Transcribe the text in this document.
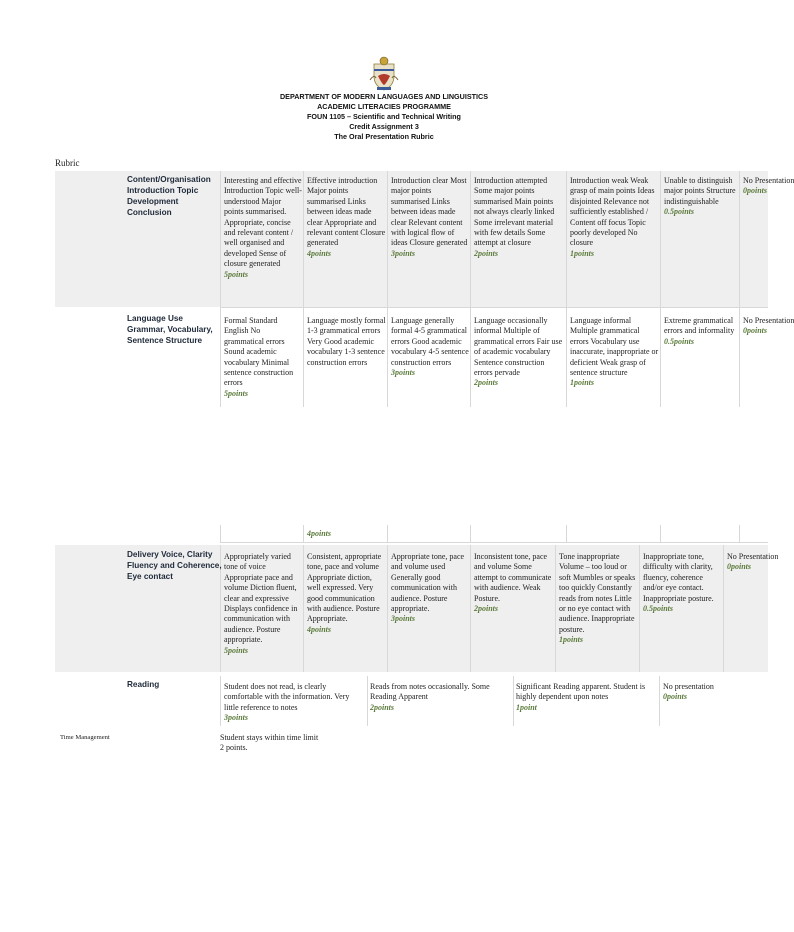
DEPARTMENT OF MODERN LANGUAGES AND LINGUISTICS
ACADEMIC LITERACIES PROGRAMME
FOUN 1105 – Scientific and Technical Writing
Credit Assignment 3
The Oral Presentation Rubric
Rubric
Content/Organisation Introduction Topic Development Conclusion
Interesting and effective Introduction Topic well-understood Major points summarised. Appropriate, concise and relevant content / well organised and developed Sense of closure generated
5points
Effective introduction Major points summarised Links between ideas made clear Appropriate and relevant content Closure generated
4points
Introduction clear Most major points summarised Links between ideas made clear Relevant content with logical flow of ideas Closure generated
3points
Introduction attempted Some major points summarised Main points not always clearly linked Some irrelevant material with few details Some attempt at closure
2points
Introduction weak Weak grasp of main points Ideas disjointed Relevance not sufficiently established / Content off focus Topic poorly developed No closure
1points
Unable to distinguish major points Structure indistinguishable
0.5points
No Presentation
0points
Language Use Grammar, Vocabulary, Sentence Structure
Formal Standard English No grammatical errors Sound academic vocabulary Minimal sentence construction errors
5points
Language mostly formal 1-3 grammatical errors Very Good academic vocabulary 1-3 sentence construction errors
Language generally formal 4-5 grammatical errors Good academic vocabulary 4-5 sentence construction errors
3points
Language occasionally informal Multiple of grammatical errors Fair use of academic vocabulary Sentence construction errors pervade
2points
Language informal Multiple grammatical errors Vocabulary use inaccurate, inappropriate or deficient Weak grasp of sentence structure
1points
Extreme grammatical errors and informality
0.5points
No Presentation
0points
4points
Delivery Voice, Clarity Fluency and Coherence, Eye contact
Appropriately varied tone of voice Appropriate pace and volume Diction fluent, clear and expressive Displays confidence in communication with audience. Posture appropriate.
5points
Consistent, appropriate tone, pace and volume Appropriate diction, well expressed. Very good communication with audience. Posture Appropriate.
4points
Appropriate tone, pace and volume used Generally good communication with audience. Posture appropriate.
3points
Inconsistent tone, pace and volume Some attempt to communicate with audience. Weak Posture.
2points
Tone inappropriate Volume – too loud or soft Mumbles or speaks too quickly Constantly reads from notes Little or no eye contact with audience. Inappropriate posture.
1points
Inappropriate tone, difficulty with clarity, fluency, coherence and/or eye contact. Inappropriate posture.
0.5points
No Presentation
0points
Reading	Student does not read, is clearly comfortable with the information. Very little reference to notes
3points
Reads from notes occasionally. Some Reading Apparent
2points
Significant Reading apparent. Student is highly dependent upon notes
1point
No presentation
0points
Time Management	Student stays within time limit
2 points.
